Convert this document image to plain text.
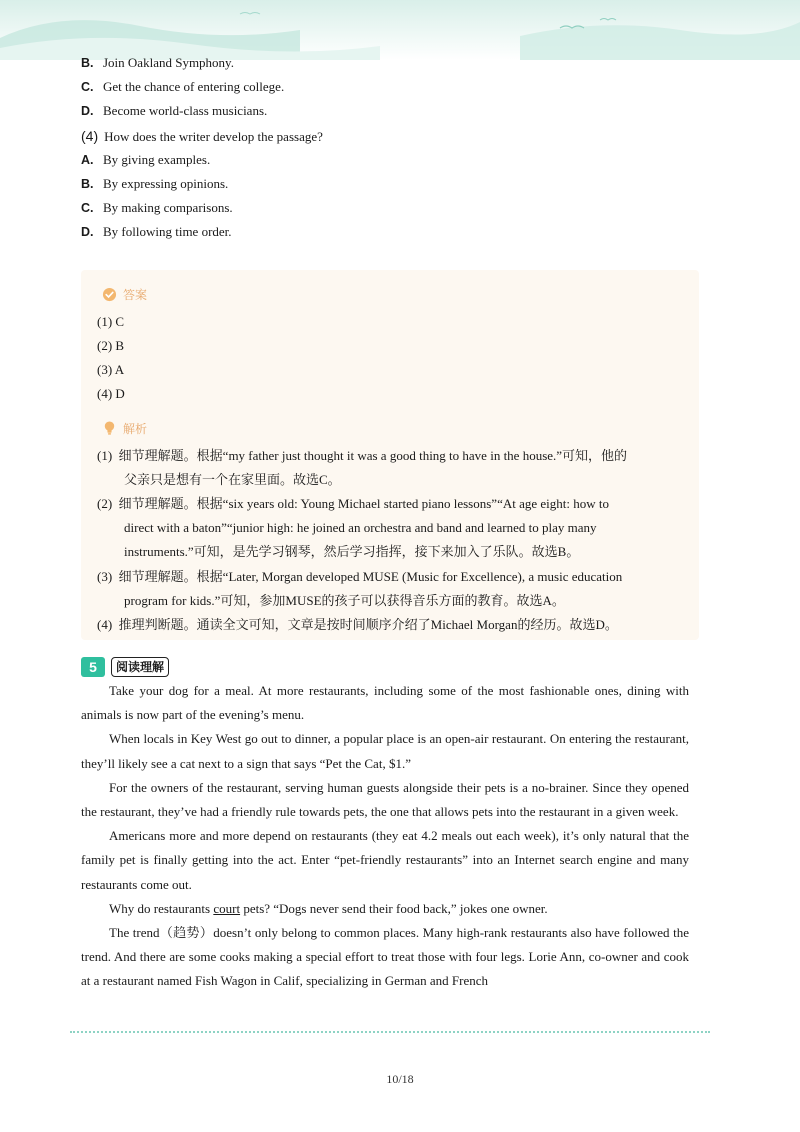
B. Join Oakland Symphony.
C. Get the chance of entering college.
D. Become world-class musicians.
(4) How does the writer develop the passage?
A. By giving examples.
B. By expressing opinions.
C. By making comparisons.
D. By following time order.
答案
(1) C
(2) B
(3) A
(4) D
解析
(1) 细节理解题。根据“my father just thought it was a good thing to have in the house.”可知，他的
父亲只是想有一个在家里面。故选C。
(2) 细节理解题。根据“six years old: Young Michael started piano lessons”“At age eight: how to
direct with a baton”“junior high: he joined an orchestra and band and learned to play many
instruments.”可知，是先学习钢琴，然后学习指挥，接下来加入了乐队。故选B。
(3) 细节理解题。根据“Later, Morgan developed MUSE (Music for Excellence), a music education
program for kids.”可知，参加MUSE的孩子可以获得音乐方面的教育。故选A。
(4) 推理判断题。通读全文可知，文章是按时间顺序介绍了Michael Morgan的经历。故选D。
5	阅读理解

Take your dog for a meal. At more restaurants, including some of the most fashionable ones, dining with animals is now part of the evening’s menu.

When locals in Key West go out to dinner, a popular place is an open-air restaurant. On entering the restaurant, they’ll likely see a cat next to a sign that says “Pet the Cat, $1.”

For the owners of the restaurant, serving human guests alongside their pets is a no-brainer. Since they opened the restaurant, they’ve had a friendly rule towards pets, the one that allows pets into the restaurant in a given week.

Americans more and more depend on restaurants (they eat 4.2 meals out each week), it’s only natural that the family pet is finally getting into the act. Enter “pet-friendly restaurants” into an Internet search engine and many restaurants come out.

Why do restaurants court pets? “Dogs never send their food back,” jokes one owner.

The trend（趋势）doesn’t only belong to common places. Many high-rank restaurants also have followed the trend. And there are some cooks making a special effort to treat those with four legs. Lorie Ann, co-owner and cook at a restaurant named Fish Wagon in Calif, specializing in German and French

10/18
